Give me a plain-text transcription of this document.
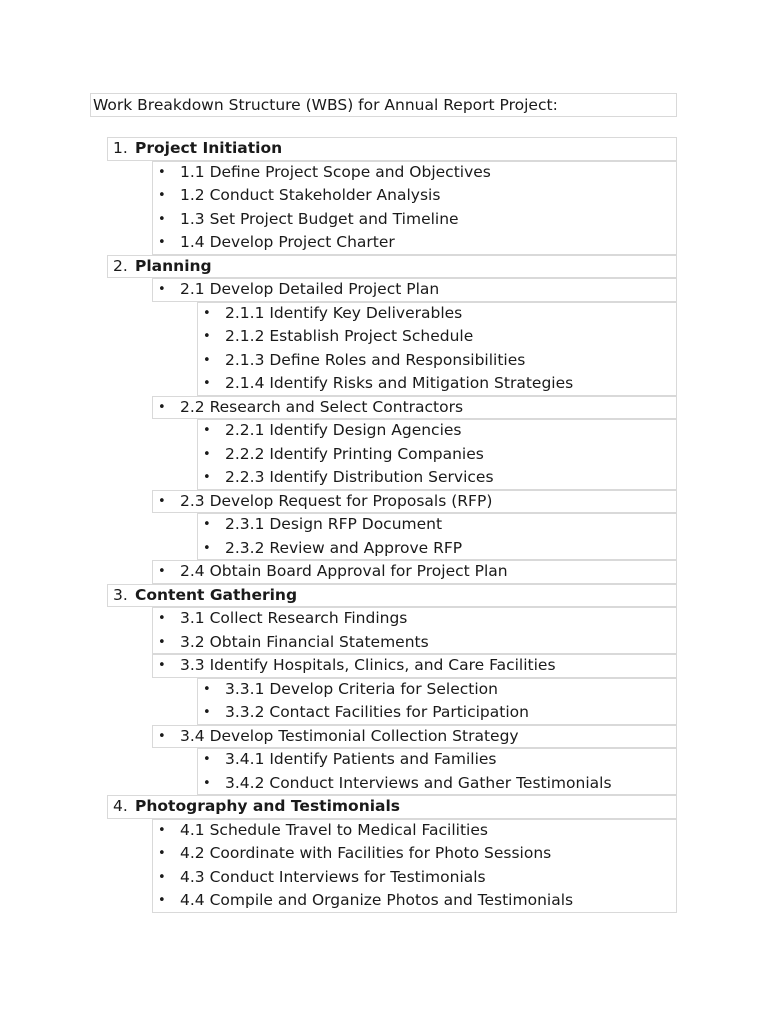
Work Breakdown Structure (WBS) for Annual Report Project:
1. Project Initiation
• 1.1 Define Project Scope and Objectives
• 1.2 Conduct Stakeholder Analysis
• 1.3 Set Project Budget and Timeline
• 1.4 Develop Project Charter
2. Planning
• 2.1 Develop Detailed Project Plan
• 2.1.1 Identify Key Deliverables
• 2.1.2 Establish Project Schedule
• 2.1.3 Define Roles and Responsibilities
• 2.1.4 Identify Risks and Mitigation Strategies
• 2.2 Research and Select Contractors
• 2.2.1 Identify Design Agencies
• 2.2.2 Identify Printing Companies
• 2.2.3 Identify Distribution Services
• 2.3 Develop Request for Proposals (RFP)
• 2.3.1 Design RFP Document
• 2.3.2 Review and Approve RFP
• 2.4 Obtain Board Approval for Project Plan
3. Content Gathering
• 3.1 Collect Research Findings
• 3.2 Obtain Financial Statements
• 3.3 Identify Hospitals, Clinics, and Care Facilities
• 3.3.1 Develop Criteria for Selection
• 3.3.2 Contact Facilities for Participation
• 3.4 Develop Testimonial Collection Strategy
• 3.4.1 Identify Patients and Families
• 3.4.2 Conduct Interviews and Gather Testimonials
4. Photography and Testimonials
• 4.1 Schedule Travel to Medical Facilities
• 4.2 Coordinate with Facilities for Photo Sessions
• 4.3 Conduct Interviews for Testimonials
• 4.4 Compile and Organize Photos and Testimonials
